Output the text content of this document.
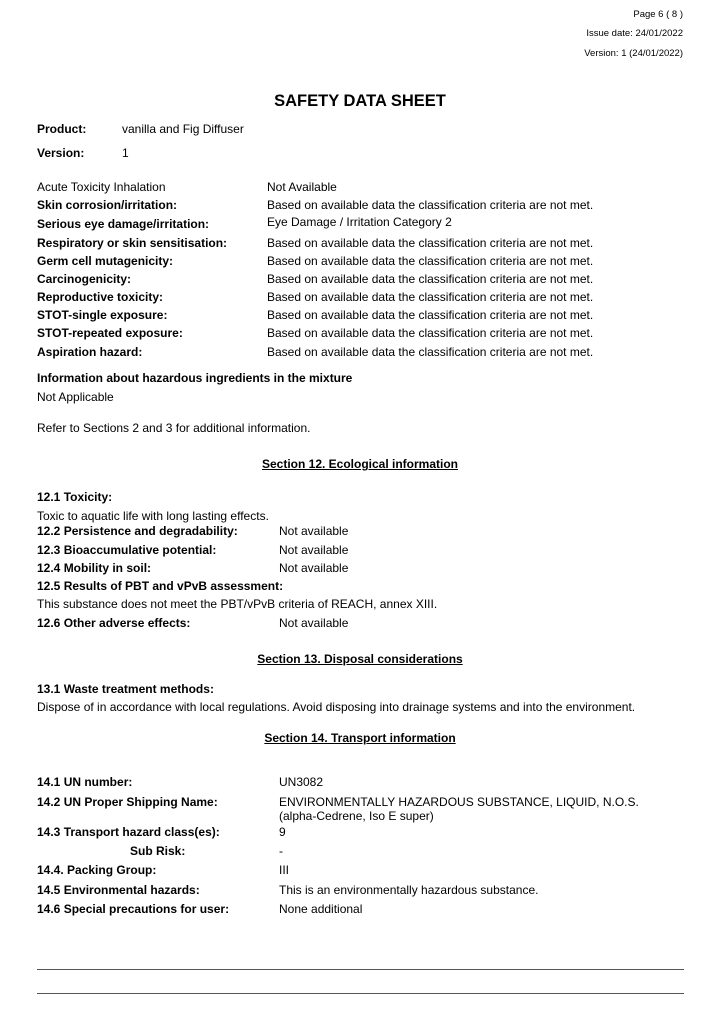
Page 6 ( 8 )
Issue date: 24/01/2022
Version: 1 (24/01/2022)
SAFETY DATA SHEET
Product:	vanilla and Fig Diffuser
Version:	1
Acute Toxicity Inhalation	Not Available
Skin corrosion/irritation:	Based on available data the classification criteria are not met.
Serious eye damage/irritation:	Eye Damage / Irritation Category 2
Respiratory or skin sensitisation:	Based on available data the classification criteria are not met.
Germ cell mutagenicity:	Based on available data the classification criteria are not met.
Carcinogenicity:	Based on available data the classification criteria are not met.
Reproductive toxicity:	Based on available data the classification criteria are not met.
STOT-single exposure:	Based on available data the classification criteria are not met.
STOT-repeated exposure:	Based on available data the classification criteria are not met.
Aspiration hazard:	Based on available data the classification criteria are not met.
Information about hazardous ingredients in the mixture
Not Applicable
Refer to Sections 2 and 3 for additional information.
Section 12. Ecological information
12.1 Toxicity:
Toxic to aquatic life with long lasting effects.
12.2 Persistence and degradability:	Not available
12.3 Bioaccumulative potential:	Not available
12.4 Mobility in soil:	Not available
12.5 Results of PBT and vPvB assessment:
This substance does not meet the PBT/vPvB criteria of REACH, annex XIII.
12.6 Other adverse effects:	Not available
Section 13. Disposal considerations
13.1 Waste treatment methods:
Dispose of in accordance with local regulations. Avoid disposing into drainage systems and into the environment.
Section 14. Transport information
14.1 UN number:	UN3082
14.2 UN Proper Shipping Name:	ENVIRONMENTALLY HAZARDOUS SUBSTANCE, LIQUID, N.O.S.
(alpha-Cedrene, Iso E super)
14.3 Transport hazard class(es):	9
Sub Risk:	-
14.4. Packing Group:	III
14.5 Environmental hazards:	This is an environmentally hazardous substance.
14.6 Special precautions for user:	None additional
